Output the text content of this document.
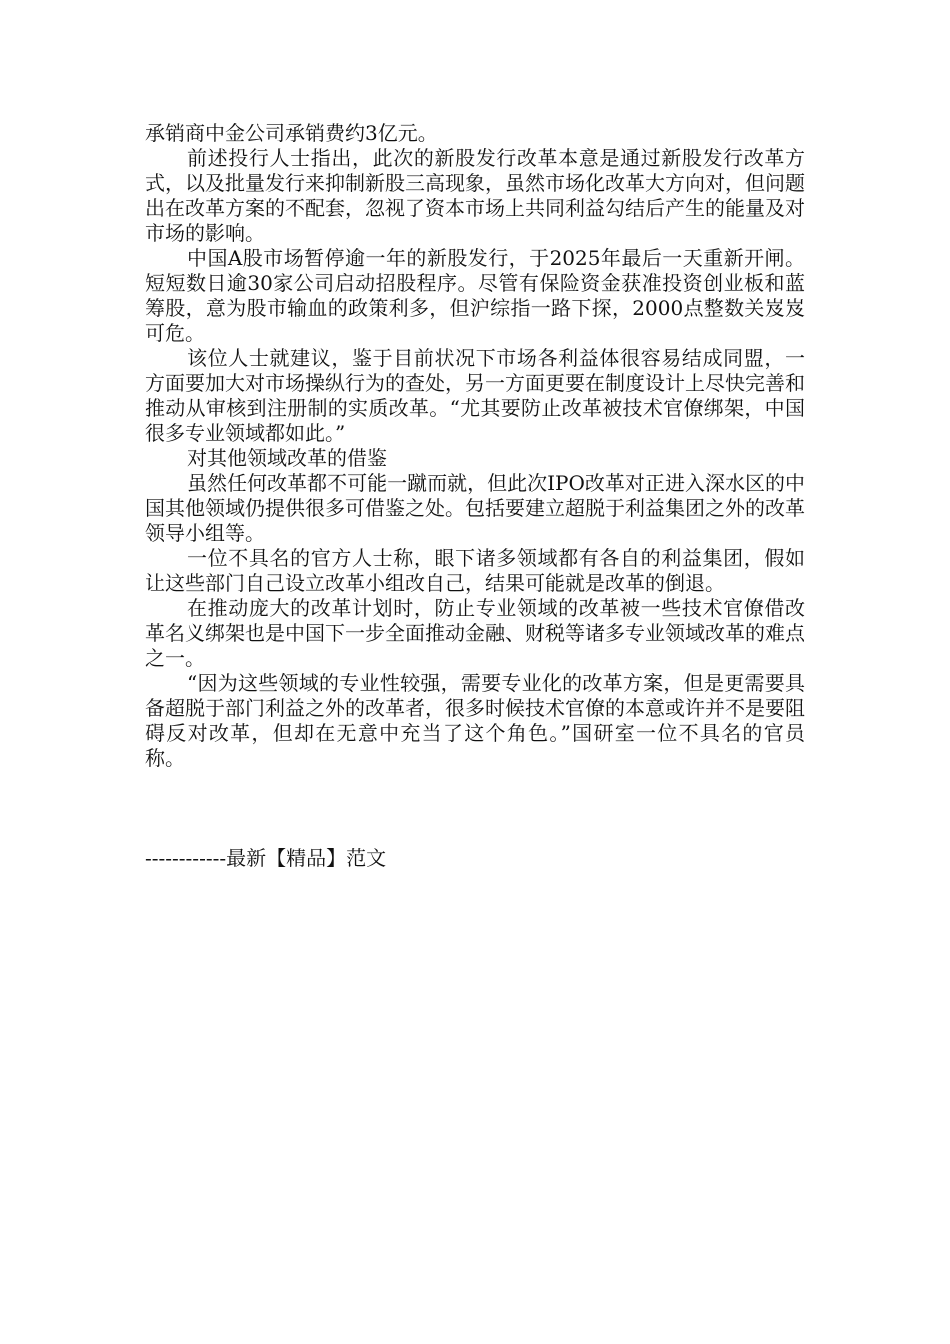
承销商中金公司承销费约3亿元。

前述投行人士指出，此次的新股发行改革本意是通过新股发行改革方式，以及批量发行来抑制新股三高现象，虽然市场化改革大方向对，但问题出在改革方案的不配套，忽视了资本市场上共同利益勾结后产生的能量及对市场的影响。

中国A股市场暂停逾一年的新股发行，于2025年最后一天重新开闸。短短数日逾30家公司启动招股程序。尽管有保险资金获准投资创业板和蓝筹股，意为股市输血的政策利多，但沪综指一路下探，2000点整数关岌岌可危。

该位人士就建议，鉴于目前状况下市场各利益体很容易结成同盟，一方面要加大对市场操纵行为的查处，另一方面更要在制度设计上尽快完善和推动从审核到注册制的实质改革。“尤其要防止改革被技术官僚绑架，中国很多专业领域都如此。”

对其他领域改革的借鉴

虽然任何改革都不可能一蹴而就，但此次IPO改革对正进入深水区的中国其他领域仍提供很多可借鉴之处。包括要建立超脱于利益集团之外的改革领导小组等。

一位不具名的官方人士称，眼下诸多领域都有各自的利益集团，假如让这些部门自己设立改革小组改自己，结果可能就是改革的倒退。

在推动庞大的改革计划时，防止专业领域的改革被一些技术官僚借改革名义绑架也是中国下一步全面推动金融、财税等诸多专业领域改革的难点之一。

“因为这些领域的专业性较强，需要专业化的改革方案，但是更需要具备超脱于部门利益之外的改革者，很多时候技术官僚的本意或许并不是要阻碍反对改革，但却在无意中充当了这个角色。”国研室一位不具名的官员称。

------------最新【精品】范文
